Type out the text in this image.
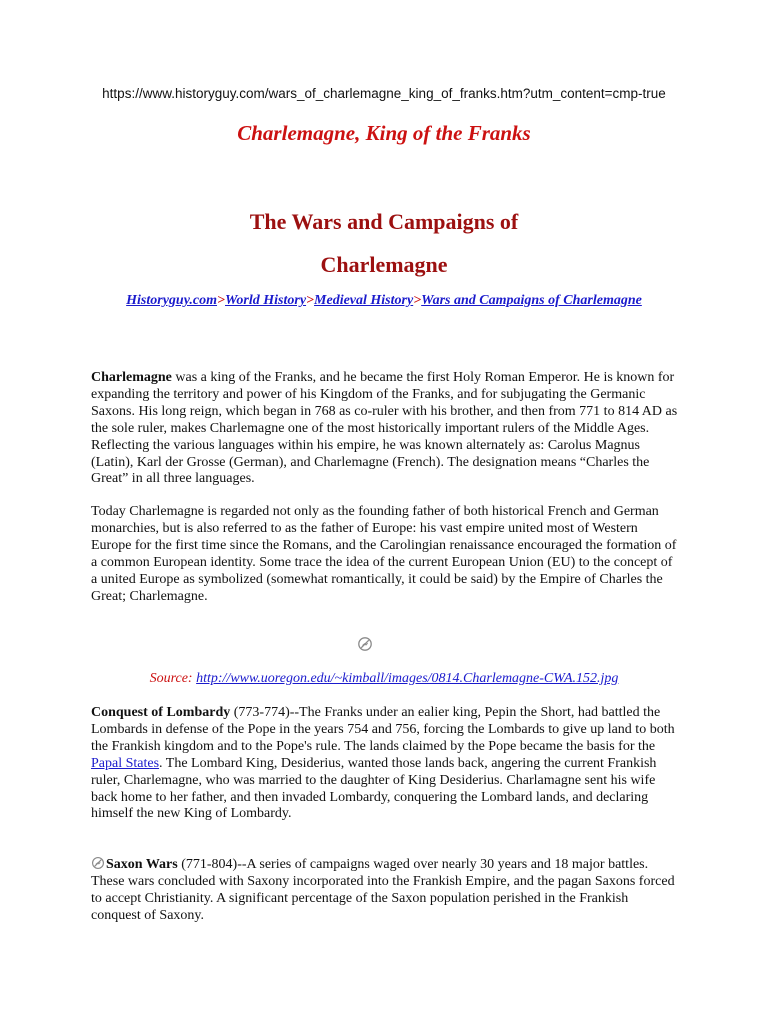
https://www.historyguy.com/wars_of_charlemagne_king_of_franks.htm?utm_content=cmp-true
Charlemagne, King of the Franks
The Wars and Campaigns of
Charlemagne
Historyguy.com>World History>Medieval History>Wars and Campaigns of Charlemagne

Charlemagne was a king of the Franks, and he became the first Holy Roman Emperor. He is known for expanding the territory and power of his Kingdom of the Franks, and for subjugating the Germanic Saxons. His long reign, which began in 768 as co-ruler with his brother, and then from 771 to 814 AD as the sole ruler, makes Charlemagne one of the most historically important rulers of the Middle Ages. Reflecting the various languages within his empire, he was known alternately as: Carolus Magnus (Latin), Karl der Grosse (German), and Charlemagne (French). The designation means “Charles the Great” in all three languages.

Today Charlemagne is regarded not only as the founding father of both historical French and German monarchies, but is also referred to as the father of Europe: his vast empire united most of Western Europe for the first time since the Romans, and the Carolingian renaissance encouraged the formation of a common European identity. Some trace the idea of the current European Union (EU) to the concept of a united Europe as symbolized (somewhat romantically, it could be said) by the Empire of Charles the Great; Charlemagne.

Source: http://www.uoregon.edu/~kimball/images/0814.Charlemagne-CWA.152.jpg

Conquest of Lombardy (773-774)--The Franks under an ealier king, Pepin the Short, had battled the Lombards in defense of the Pope in the years 754 and 756, forcing the Lombards to give up land to both the Frankish kingdom and to the Pope's rule. The lands claimed by the Pope became the basis for the Papal States. The Lombard King, Desiderius, wanted those lands back, angering the current Frankish ruler, Charlemagne, who was married to the daughter of King Desiderius. Charlamagne sent his wife back home to her father, and then invaded Lombardy, conquering the Lombard lands, and declaring himself the new King of Lombardy.

Saxon Wars (771-804)--A series of campaigns waged over nearly 30 years and 18 major battles. These wars concluded with Saxony incorporated into the Frankish Empire, and the pagan Saxons forced to accept Christianity. A significant percentage of the Saxon population perished in the Frankish conquest of Saxony.
